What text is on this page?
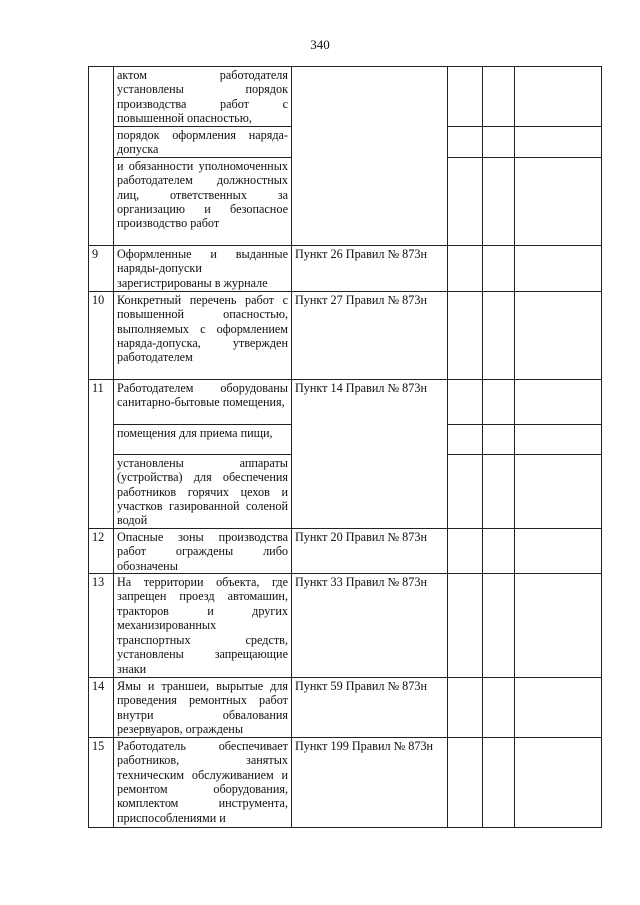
340
	актом работодателя установлены порядок производства работ с повышенной опасностью,				
	порядок оформления наряда-допуска				
	и обязанности уполномоченных работодателем должностных лиц, ответственных за организацию и безопасное производство работ				
9	Оформленные и выданные наряды-допуски зарегистрированы в журнале	Пункт 26 Правил № 873н			
10	Конкретный перечень работ с повышенной опасностью, выполняемых с оформлением наряда-допуска, утвержден работодателем	Пункт 27 Правил № 873н			
11	Работодателем оборудованы санитарно-бытовые помещения,	Пункт 14 Правил № 873н			
	помещения для приема пищи,				
	установлены аппараты (устройства) для обеспечения работников горячих цехов и участков газированной соленой водой				
12	Опасные зоны производства работ ограждены либо обозначены	Пункт 20 Правил № 873н			
13	На территории объекта, где запрещен проезд автомашин, тракторов и других механизированных транспортных средств, установлены запрещающие знаки	Пункт 33 Правил № 873н			
14	Ямы и траншеи, вырытые для проведения ремонтных работ внутри обвалования резервуаров, ограждены	Пункт 59 Правил № 873н			
15	Работодатель обеспечивает работников, занятых техническим обслуживанием и ремонтом оборудования, комплектом инструмента, приспособлениями и	Пункт 199 Правил № 873н			
